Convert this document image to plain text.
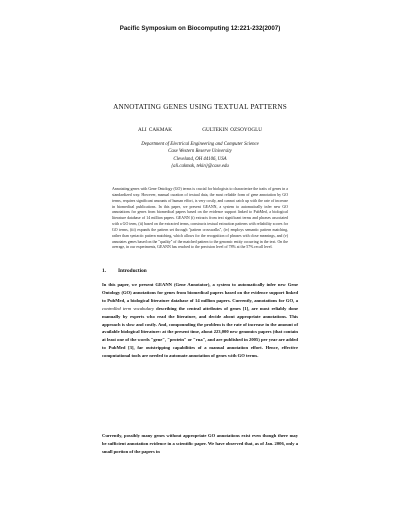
Pacific Symposium on Biocomputing 12:221-232(2007)
ANNOTATING GENES USING TEXTUAL PATTERNS
ALI CAKMAK	GULTEKIN OZSOYOGLU
Department of Electrical Engineering and Computer Science
Case Western Reserve University
Cleveland, OH 44106, USA
{ali.cakmak, tekin}@case.edu
Annotating genes with Gene Ontology (GO) terms is crucial for biologists to characterize the traits of genes in a standardized way. However, manual curation of textual data, the most reliable form of gene annotation by GO terms, requires significant amounts of human effort, is very costly, and cannot catch up with the rate of increase in biomedical publications. In this paper, we present GEANN, a system to automatically infer new GO annotations for genes from biomedical papers based on the evidence support linked to PubMed, a biological literature database of 14 million papers. GEANN (i) extracts from text significant terms and phrases associated with a GO term, (ii) based on the extracted terms, constructs textual extraction patterns with reliability scores for GO terms, (iii) expands the pattern set through "pattern crosswalks", (iv) employs semantic pattern matching, rather than syntactic pattern matching, which allows for the recognition of phrases with close meanings, and (v) annotates genes based on the "quality" of the matched pattern to the genomic entity occurring in the text. On the average, in our experiments, GEANN has reached to the precision level of 78% at the 57% recall level.
1. Introduction
In this paper, we present GEANN (Gene Annotator), a system to automatically infer new Gene Ontology (GO) annotations for genes from biomedical papers based on the evidence support linked to PubMed, a biological literature database of 14 million papers. Currently, annotations for GO, a controlled term vocabulary describing the central attributes of genes [1], are most reliably done manually by experts who read the literature, and decide about appropriate annotations. This approach is slow and costly. And, compounding the problem is the rate of increase in the amount of available biological literature: at the present time, about 223,000 new genomics papers (that contain at least one of the words "gene", "protein" or "rna", and are published in 2005) per year are added to PubMed [3], far outstripping capabilities of a manual annotation effort. Hence, effective computational tools are needed to automate annotation of genes with GO terms.
Currently, possibly many genes without appropriate GO annotations exist even though there may be sufficient annotation evidence in a scientific paper. We have observed that, as of Jan. 2006, only a small portion of the papers in
